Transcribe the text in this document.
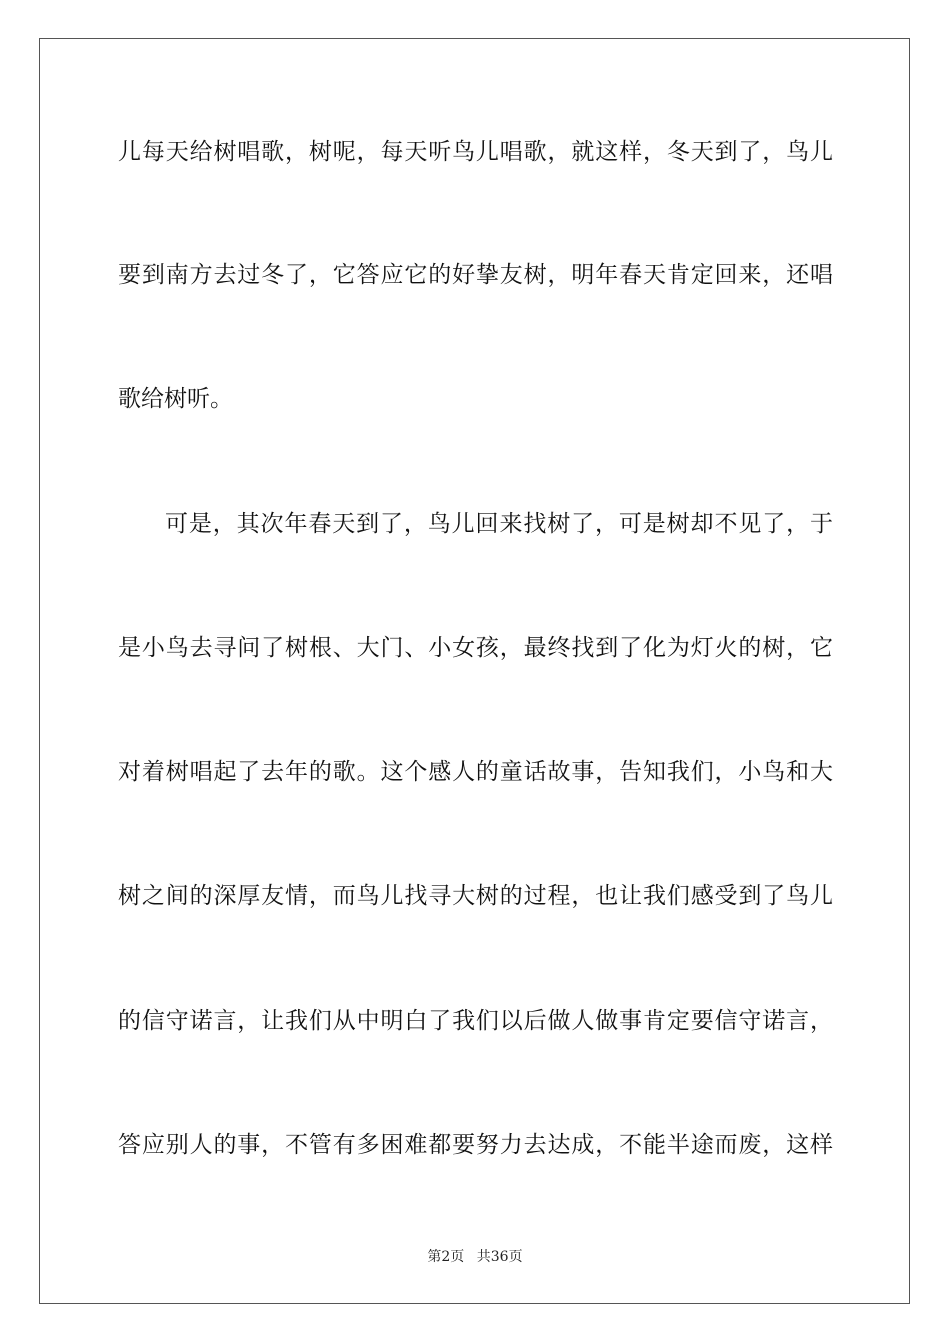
儿每天给树唱歌，树呢，每天听鸟儿唱歌，就这样，冬天到了，鸟儿
要到南方去过冬了，它答应它的好挚友树，明年春天肯定回来，还唱
歌给树听。
可是，其次年春天到了，鸟儿回来找树了，可是树却不见了，于
是小鸟去寻问了树根、大门、小女孩，最终找到了化为灯火的树，它
对着树唱起了去年的歌。这个感人的童话故事，告知我们，小鸟和大
树之间的深厚友情，而鸟儿找寻大树的过程，也让我们感受到了鸟儿
的信守诺言，让我们从中明白了我们以后做人做事肯定要信守诺言，
答应别人的事，不管有多困难都要努力去达成，不能半途而废，这样
第2页 共36页
